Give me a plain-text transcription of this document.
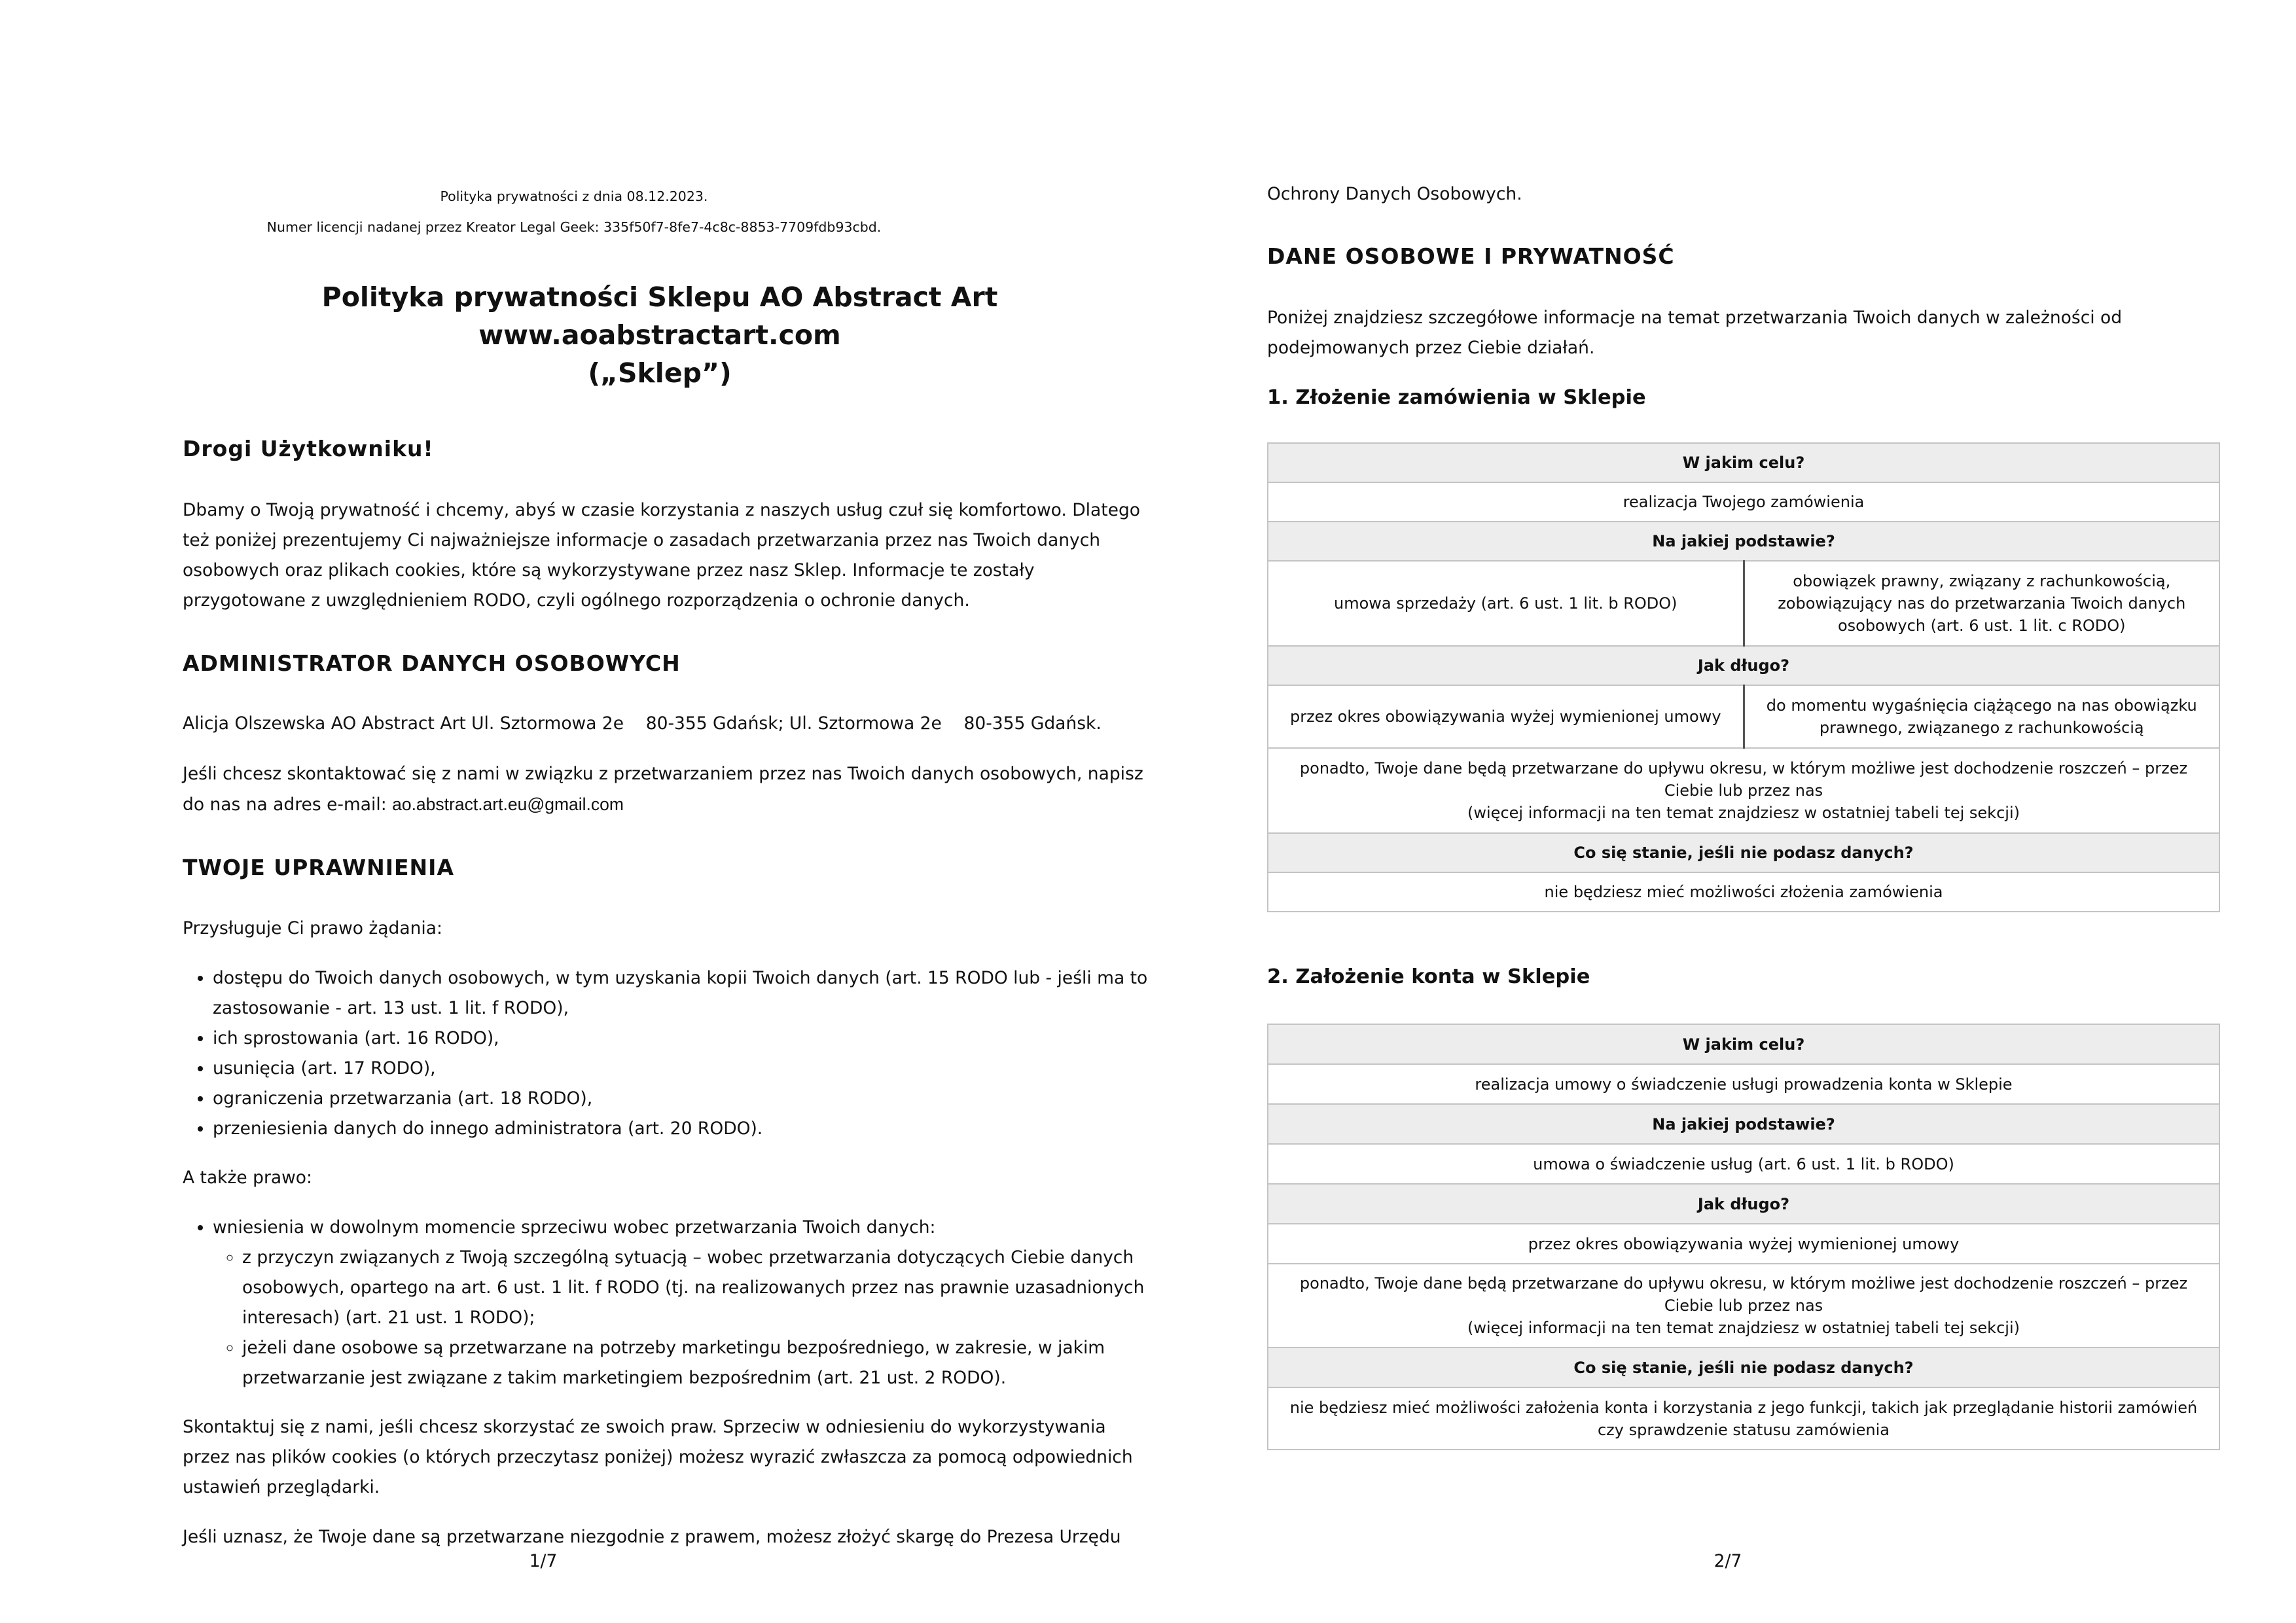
Polityka prywatności z dnia 08.12.2023.
Numer licencji nadanej przez Kreator Legal Geek: 335f50f7-8fe7-4c8c-8853-7709fdb93cbd.
Polityka prywatności Sklepu AO Abstract Art
www.aoabstractart.com
(„Sklep”)
Drogi Użytkowniku!
Dbamy o Twoją prywatność i chcemy, abyś w czasie korzystania z naszych usług czuł się komfortowo. Dlatego też poniżej prezentujemy Ci najważniejsze informacje o zasadach przetwarzania przez nas Twoich danych osobowych oraz plikach cookies, które są wykorzystywane przez nasz Sklep. Informacje te zostały przygotowane z uwzględnieniem RODO, czyli ogólnego rozporządzenia o ochronie danych.
ADMINISTRATOR DANYCH OSOBOWYCH
Alicja Olszewska AO Abstract Art Ul. Sztormowa 2e    80-355 Gdańsk; Ul. Sztormowa 2e    80-355 Gdańsk.
Jeśli chcesz skontaktować się z nami w związku z przetwarzaniem przez nas Twoich danych osobowych, napisz do nas na adres e-mail: ao.abstract.art.eu@gmail.com
TWOJE UPRAWNIENIA
Przysługuje Ci prawo żądania:
• dostępu do Twoich danych osobowych, w tym uzyskania kopii Twoich danych (art. 15 RODO lub - jeśli ma to zastosowanie - art. 13 ust. 1 lit. f RODO),
• ich sprostowania (art. 16 RODO),
• usunięcia (art. 17 RODO),
• ograniczenia przetwarzania (art. 18 RODO),
• przeniesienia danych do innego administratora (art. 20 RODO).
A także prawo:
• wniesienia w dowolnym momencie sprzeciwu wobec przetwarzania Twoich danych:
◦ z przyczyn związanych z Twoją szczególną sytuacją – wobec przetwarzania dotyczących Ciebie danych osobowych, opartego na art. 6 ust. 1 lit. f RODO (tj. na realizowanych przez nas prawnie uzasadnionych interesach) (art. 21 ust. 1 RODO);
◦ jeżeli dane osobowe są przetwarzane na potrzeby marketingu bezpośredniego, w zakresie, w jakim przetwarzanie jest związane z takim marketingiem bezpośrednim (art. 21 ust. 2 RODO).
Skontaktuj się z nami, jeśli chcesz skorzystać ze swoich praw. Sprzeciw w odniesieniu do wykorzystywania przez nas plików cookies (o których przeczytasz poniżej) możesz wyrazić zwłaszcza za pomocą odpowiednich ustawień przeglądarki.
Jeśli uznasz, że Twoje dane są przetwarzane niezgodnie z prawem, możesz złożyć skargę do Prezesa Urzędu
1/7
Ochrony Danych Osobowych.
DANE OSOBOWE I PRYWATNOŚĆ
Poniżej znajdziesz szczegółowe informacje na temat przetwarzania Twoich danych w zależności od podejmowanych przez Ciebie działań.
1. Złożenie zamówienia w Sklepie
W jakim celu?	
realizacja Twojego zamówienia	
Na jakiej podstawie?	
umowa sprzedaży (art. 6 ust. 1 lit. b RODO)	obowiązek prawny, związany z rachunkowością, zobowiązujący nas do przetwarzania Twoich danych osobowych (art. 6 ust. 1 lit. c RODO)
Jak długo?	
przez okres obowiązywania wyżej wymienionej umowy	do momentu wygaśnięcia ciążącego na nas obowiązku prawnego, związanego z rachunkowością

ponadto, Twoje dane będą przetwarzane do upływu okresu, w którym możliwe jest dochodzenie roszczeń – przez Ciebie lub przez nas
(więcej informacji na ten temat znajdziesz w ostatniej tabeli tej sekcji)	

Co się stanie, jeśli nie podasz danych?	
nie będziesz mieć możliwości złożenia zamówienia	
2. Założenie konta w Sklepie
W jakim celu?
realizacja umowy o świadczenie usługi prowadzenia konta w Sklepie
Na jakiej podstawie?
umowa o świadczenie usług (art. 6 ust. 1 lit. b RODO)
Jak długo?
przez okres obowiązywania wyżej wymienionej umowy

ponadto, Twoje dane będą przetwarzane do upływu okresu, w którym możliwe jest dochodzenie roszczeń – przez Ciebie lub przez nas
(więcej informacji na ten temat znajdziesz w ostatniej tabeli tej sekcji)

Co się stanie, jeśli nie podasz danych?
nie będziesz mieć możliwości założenia konta i korzystania z jego funkcji, takich jak przeglądanie historii zamówień czy sprawdzenie statusu zamówienia
2/7
